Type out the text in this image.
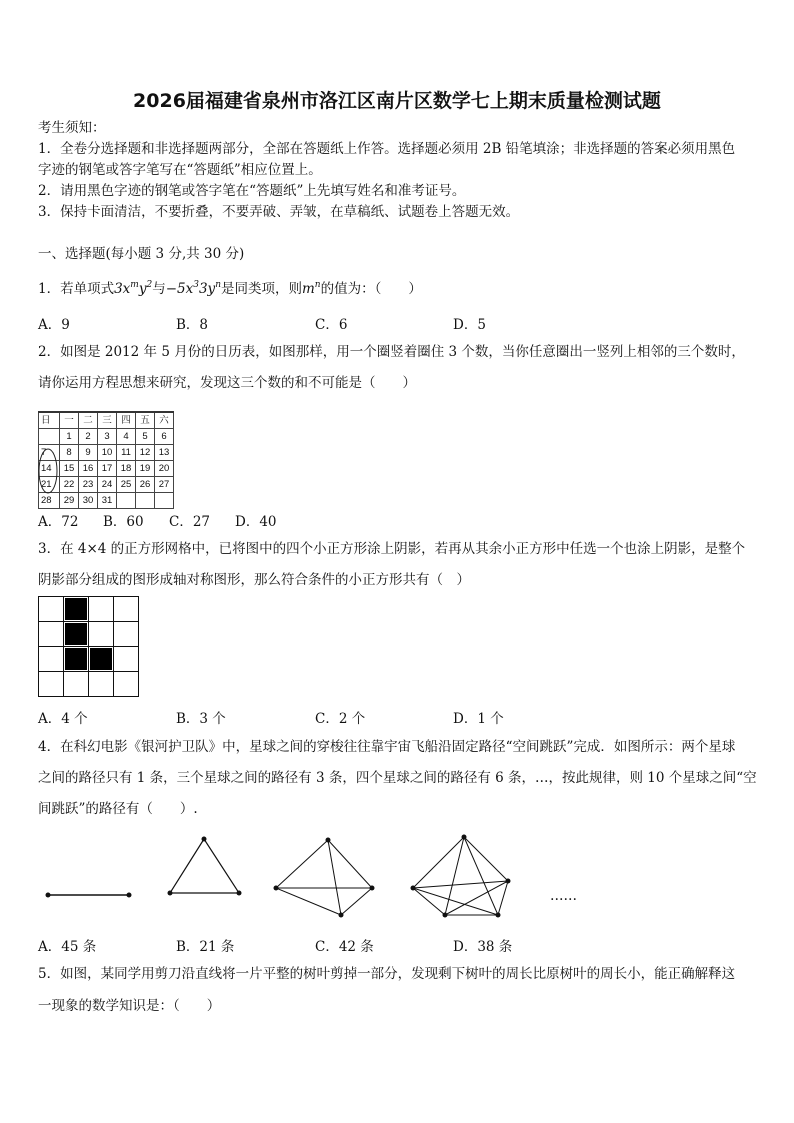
2026届福建省泉州市洛江区南片区数学七上期末质量检测试题
考生须知：
1．全卷分选择题和非选择题两部分，全部在答题纸上作答。选择题必须用 2B 铅笔填涂；非选择题的答案必须用黑色
字迹的钢笔或答字笔写在“答题纸”相应位置上。
2．请用黑色字迹的钢笔或答字笔在“答题纸”上先填写姓名和准考证号。
3．保持卡面清洁，不要折叠，不要弄破、弄皱，在草稿纸、试题卷上答题无效。
一、选择题(每小题 3 分,共 30 分)
1．若单项式$3x^my^2$与$-5x^33y^n$是同类项，则$m^n$的值为：（　　）
A．9	B．8	C．6	D．5
2．如图是 2012 年 5 月份的日历表，如图那样，用一个圈竖着圈住 3 个数，当你任意圈出一竖列上相邻的三个数时，
请你运用方程思想来研究，发现这三个数的和不可能是（　　）
日	一	二	三	四	五	六
	1	2	3	4	5	6
7	8	9	10	11	12	13
14	15	16	17	18	19	20
21	22	23	24	25	26	27
28	29	30	31			
A．72 B．60 C．27 D．40
3．在 4×4 的正方形网格中，已将图中的四个小正方形涂上阴影，若再从其余小正方形中任选一个也涂上阴影，是整个
阴影部分组成的图形成轴对称图形，那么符合条件的小正方形共有（　）
A．4 个	B．3 个	C．2 个	D．1 个
4．在科幻电影《银河护卫队》中，星球之间的穿梭往往靠宇宙飞船沿固定路径“空间跳跃”完成．如图所示：两个星球
之间的路径只有 1 条，三个星球之间的路径有 3 条，四个星球之间的路径有 6 条，…，按此规律，则 10 个星球之间“空
间跳跃”的路径有（　　）.
……
A．45 条	B．21 条	C．42 条	D．38 条
5．如图，某同学用剪刀沿直线将一片平整的树叶剪掉一部分，发现剩下树叶的周长比原树叶的周长小，能正确解释这
一现象的数学知识是：（　　）
